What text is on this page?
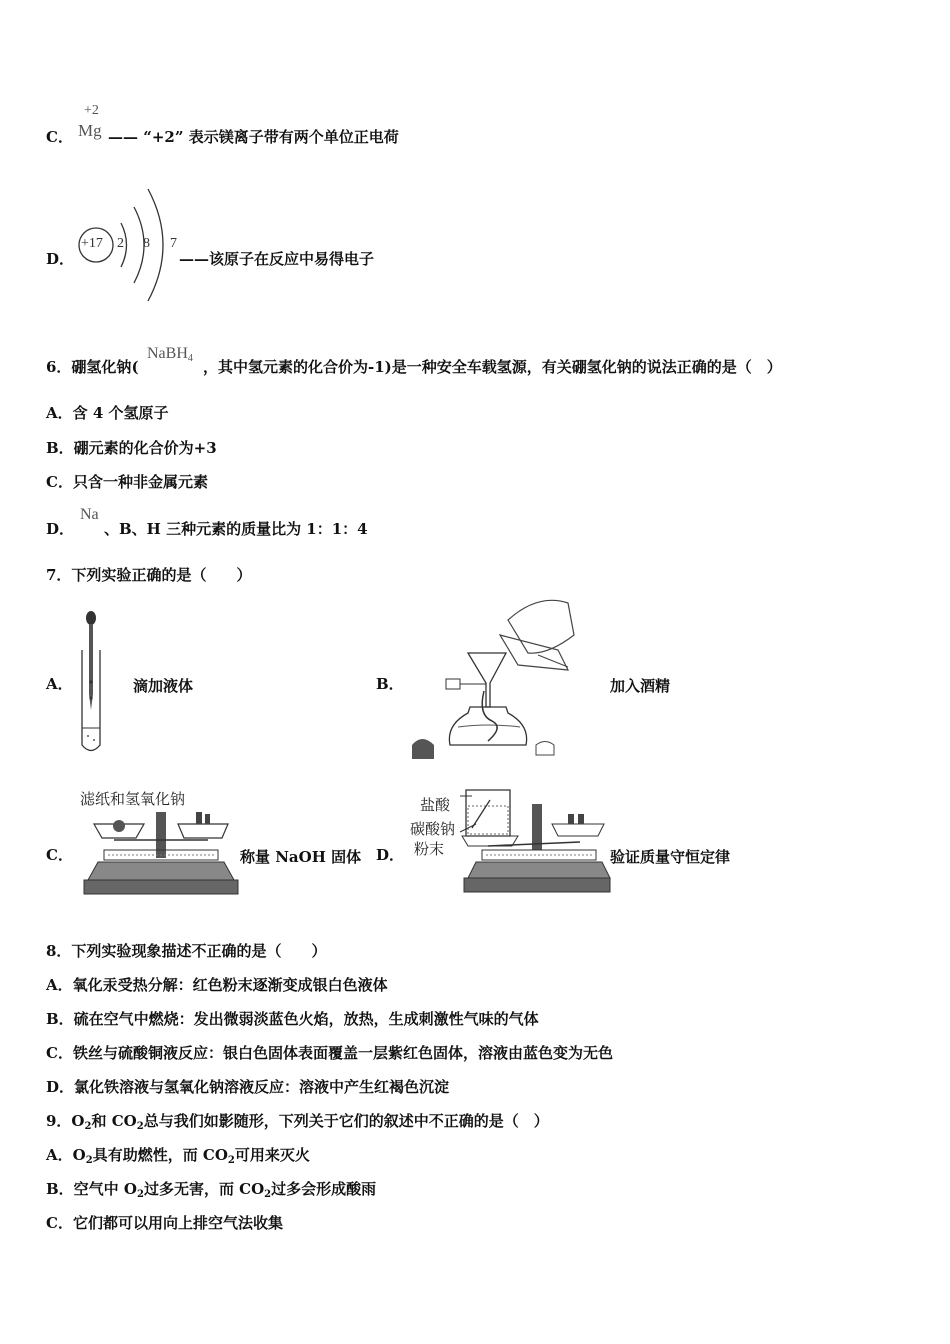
C．
+2
Mg —— “+2” 表示镁离子带有两个单位正电荷
D．
+17 2 8 7
——该原子在反应中易得电子
6．硼氢化钠(
NaBH$_4$ ，其中氢元素的化合价为-1)是一种安全车载氢源，有关硼氢化钠的说法正确的是（　）
A．含 4 个氢原子
B．硼元素的化合价为+3
C．只含一种非金属元素
D．
Na
、B、H 三种元素的质量比为 1：1：4
7．下列实验正确的是（　　）
A．	滴加液体	B．	加入酒精
C．
滤纸和氢氧化钠
称量 NaOH 固体 D．
盐酸
碳酸钠
粉末	验证质量守恒定律
8．下列实验现象描述不正确的是（　　）
A．氧化汞受热分解：红色粉末逐渐变成银白色液体
B．硫在空气中燃烧：发出微弱淡蓝色火焰，放热，生成刺激性气味的气体
C．铁丝与硫酸铜液反应：银白色固体表面覆盖一层紫红色固体，溶液由蓝色变为无色
D．氯化铁溶液与氢氧化钠溶液反应：溶液中产生红褐色沉淀
9．$O_2$和 $CO_2$总与我们如影随形，下列关于它们的叙述中不正确的是（　）
A．$O_2$具有助燃性，而 $CO_2$可用来灭火
B．空气中 $O_2$过多无害，而 $CO_2$过多会形成酸雨
C．它们都可以用向上排空气法收集
